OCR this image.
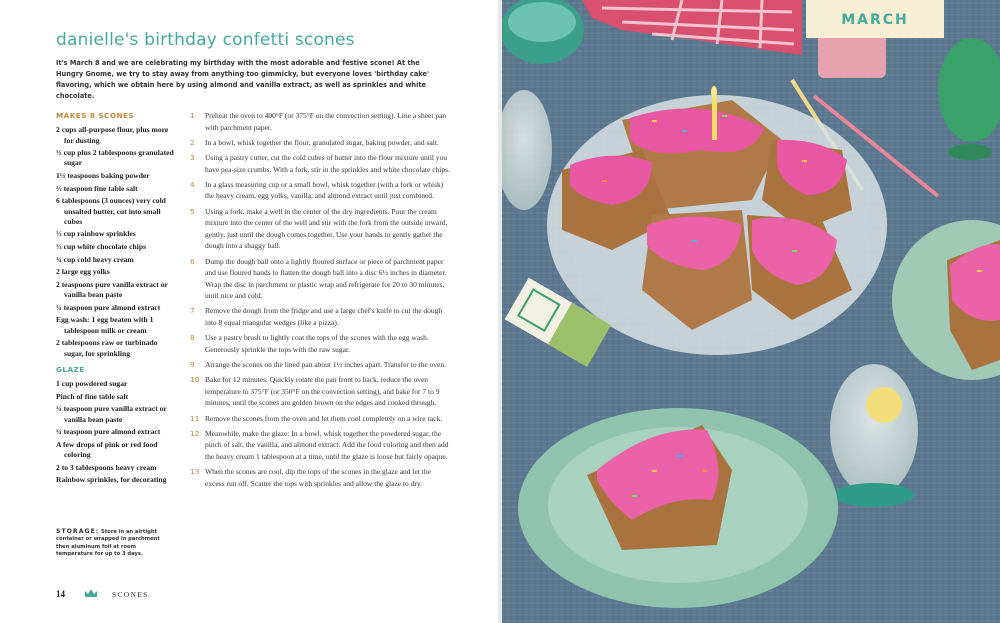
danielle's birthday confetti scones
It's March 8 and we are celebrating my birthday with the most adorable and festive scone! At the Hungry Gnome, we try to stay away from anything too gimmicky, but everyone loves 'birthday cake' flavoring, which we obtain here by using almond and vanilla extract, as well as sprinkles and white chocolate.
MAKES 8 SCONES
2 cups all-purpose flour, plus more for dusting
⅓ cup plus 2 tablespoons granulated sugar
1½ teaspoons baking powder
½ teaspoon fine table salt
6 tablespoons (3 ounces) very cold unsalted butter, cut into small cubes
⅓ cup rainbow sprinkles
⅓ cup white chocolate chips
¾ cup cold heavy cream
2 large egg yolks
2 teaspoons pure vanilla extract or vanilla bean paste
¼ teaspoon pure almond extract
Egg wash: 1 egg beaten with 1 tablespoon milk or cream
2 tablespoons raw or turbinado sugar, for sprinkling
GLAZE
1 cup powdered sugar
Pinch of fine table salt
¼ teaspoon pure vanilla extract or vanilla bean paste
¼ teaspoon pure almond extract
A few drops of pink or red food coloring
2 to 3 tablespoons heavy cream
Rainbow sprinkles, for decorating
STORAGE: Store in an airtight container or wrapped in parchment then aluminum foil at room temperature for up to 3 days.
1 Preheat the oven to 400°F (or 375°F on the convection setting). Line a sheet pan with parchment paper.
2 In a bowl, whisk together the flour, granulated sugar, baking powder, and salt.
3 Using a pastry cutter, cut the cold cubes of butter into the flour mixture until you have pea-size crumbs. With a fork, stir in the sprinkles and white chocolate chips.
4 In a glass measuring cup or a small bowl, whisk together (with a fork or whisk) the heavy cream, egg yolks, vanilla, and almond extract until just combined.
5 Using a fork, make a well in the center of the dry ingredients. Pour the cream mixture into the center of the well and stir with the fork from the outside inward, gently, just until the dough comes together. Use your hands to gently gather the dough into a shaggy ball.
6 Dump the dough ball onto a lightly floured surface or piece of parchment paper and use floured hands to flatten the dough ball into a disc 6½ inches in diameter. Wrap the disc in parchment or plastic wrap and refrigerate for 20 to 30 minutes, until nice and cold.
7 Remove the dough from the fridge and use a large chef's knife to cut the dough into 8 equal triangular wedges (like a pizza).
8 Use a pastry brush to lightly coat the tops of the scones with the egg wash. Generously sprinkle the tops with the raw sugar.
9 Arrange the scones on the lined pan about 1½ inches apart. Transfer to the oven.
10 Bake for 12 minutes. Quickly rotate the pan front to back, reduce the oven temperature to 375°F (or 350°F on the convection setting), and bake for 7 to 9 minutes, until the scones are golden brown on the edges and cooked through.
11 Remove the scones from the oven and let them cool completely on a wire rack.
12 Meanwhile, make the glaze: In a bowl, whisk together the powdered sugar, the pinch of salt, the vanilla, and almond extract. Add the food coloring and then add the heavy cream 1 tablespoon at a time, until the glaze is loose but fairly opaque.
13 When the scones are cool, dip the tops of the scones in the glaze and let the excess run off. Scatter the tops with sprinkles and allow the glaze to dry.
14	SCONES
MARCH
